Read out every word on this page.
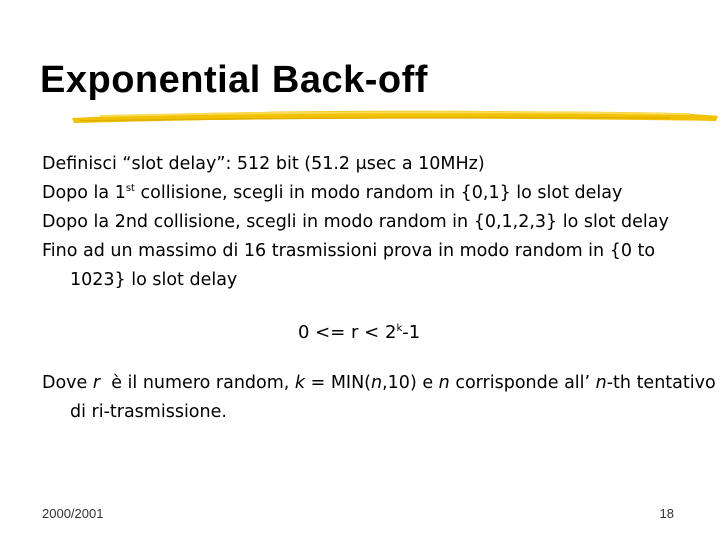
Exponential Back-off
Definisci “slot delay”: 512 bit (51.2 μsec a 10MHz)
Dopo la 1st collisione, scegli in modo random in {0,1} lo slot delay
Dopo la 2nd collisione, scegli in modo random in {0,1,2,3} lo slot delay
Fino ad un massimo di 16 trasmissioni prova in modo random in {0 to 1023} lo slot delay
$0 <= r < 2^k-1$
Dove r  è il numero random, k = MIN(n,10) e n corrisponde all’ n-th tentativo di ri-trasmissione.
2000/2001	18
